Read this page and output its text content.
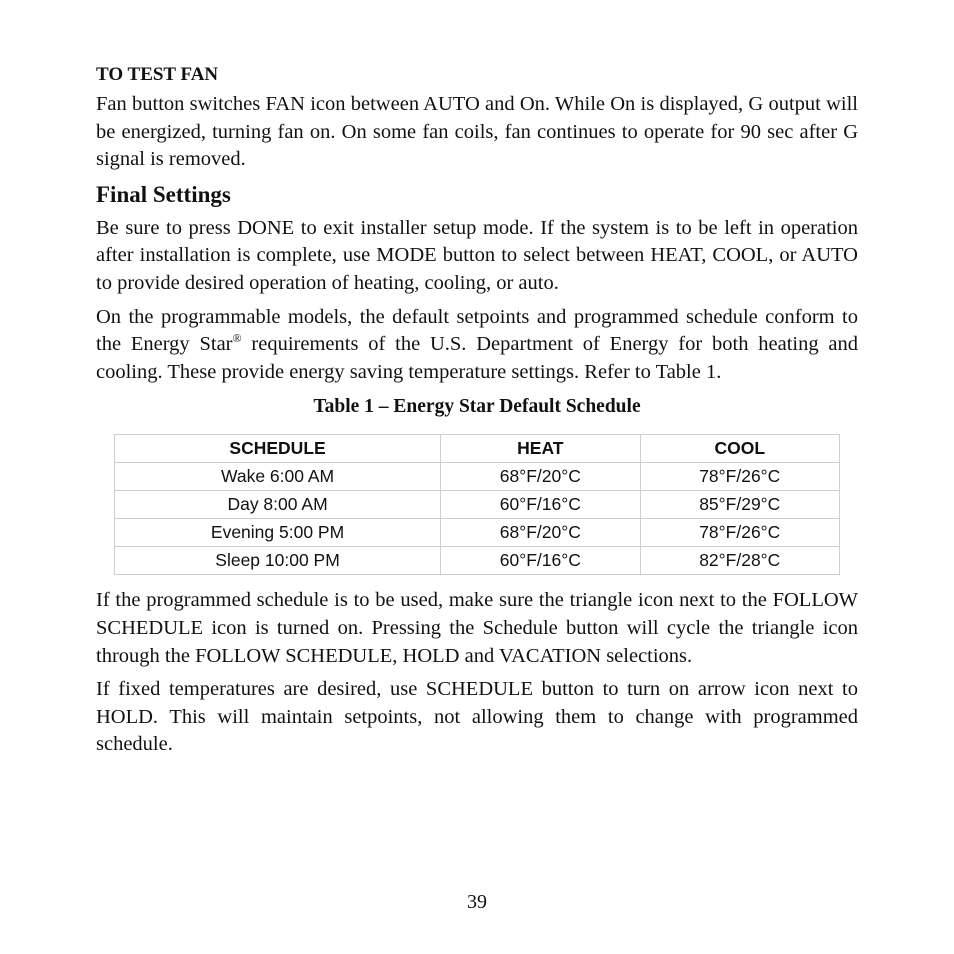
TO TEST FAN

Fan button switches FAN icon between AUTO and On. While On is displayed, G output will be energized, turning fan on. On some fan coils, fan continues to operate for 90 sec after G signal is removed.

Final Settings

Be sure to press DONE to exit installer setup mode. If the system is to be left in operation after installation is complete, use MODE button to select between HEAT, COOL, or AUTO to provide desired operation of heating, cooling, or auto.

On the programmable models, the default setpoints and programmed schedule conform to the Energy Star® requirements of the U.S. Department of Energy for both heating and cooling. These provide energy saving temperature settings. Refer to Table 1.

Table 1 – Energy Star Default Schedule
SCHEDULE	HEAT	COOL
Wake 6:00 AM	68°F/20°C	78°F/26°C
Day 8:00 AM	60°F/16°C	85°F/29°C
Evening 5:00 PM	68°F/20°C	78°F/26°C
Sleep 10:00 PM	60°F/16°C	82°F/28°C

If the programmed schedule is to be used, make sure the triangle icon next to the FOLLOW SCHEDULE icon is turned on. Pressing the Schedule button will cycle the triangle icon through the FOLLOW SCHEDULE, HOLD and VACATION selections.

If fixed temperatures are desired, use SCHEDULE button to turn on arrow icon next to HOLD. This will maintain setpoints, not allowing them to change with programmed schedule.

39
